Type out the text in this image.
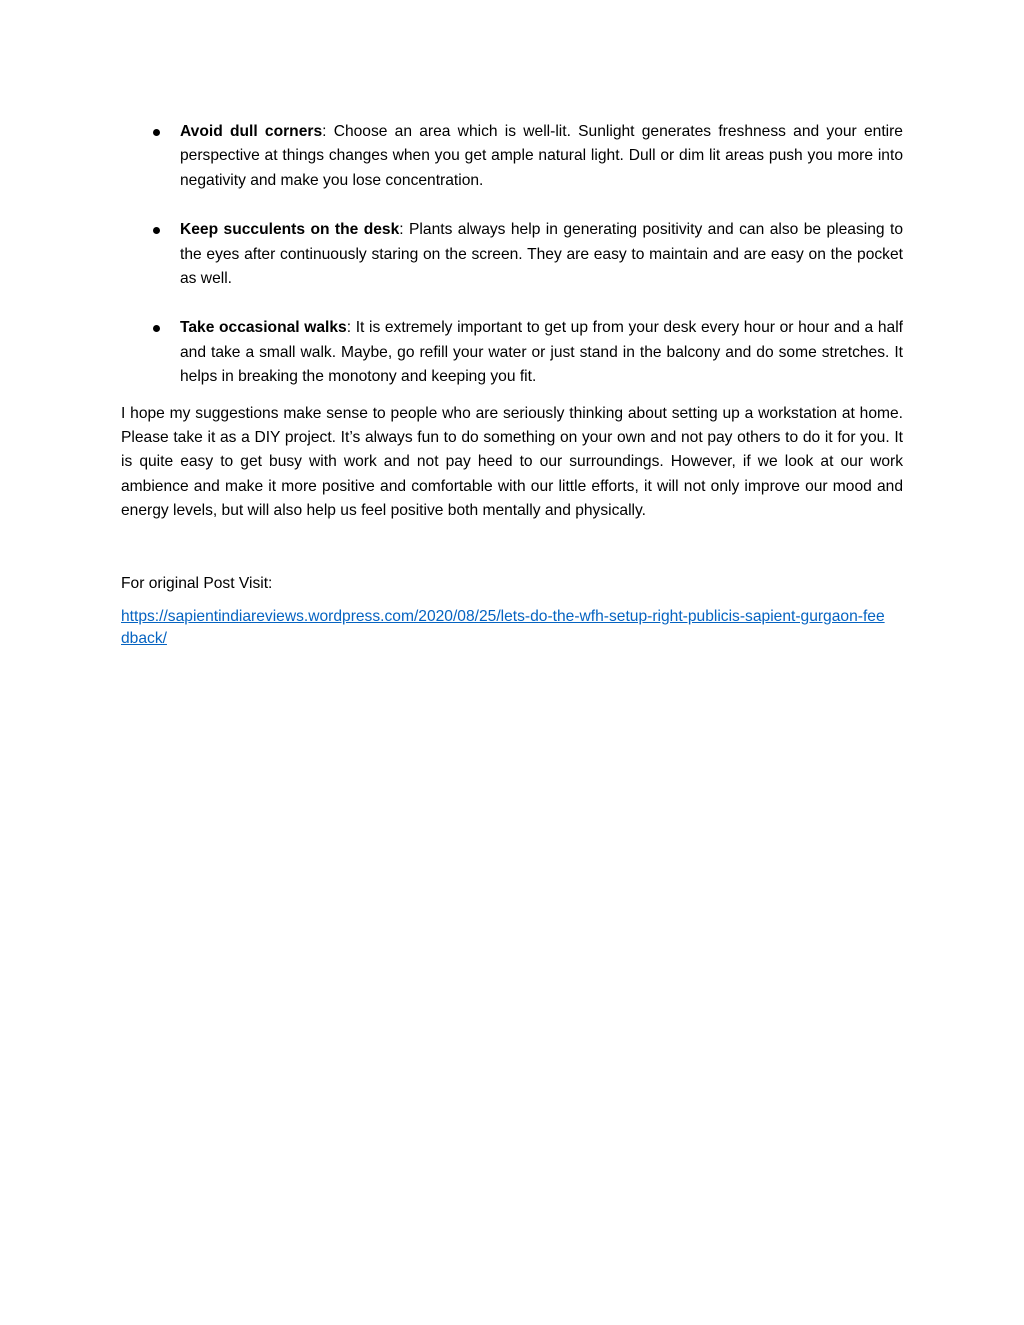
Avoid dull corners: Choose an area which is well-lit. Sunlight generates freshness and your entire perspective at things changes when you get ample natural light. Dull or dim lit areas push you more into negativity and make you lose concentration.
Keep succulents on the desk: Plants always help in generating positivity and can also be pleasing to the eyes after continuously staring on the screen. They are easy to maintain and are easy on the pocket as well.
Take occasional walks: It is extremely important to get up from your desk every hour or hour and a half and take a small walk. Maybe, go refill your water or just stand in the balcony and do some stretches. It helps in breaking the monotony and keeping you fit.

I hope my suggestions make sense to people who are seriously thinking about setting up a workstation at home. Please take it as a DIY project. It’s always fun to do something on your own and not pay others to do it for you. It is quite easy to get busy with work and not pay heed to our surroundings. However, if we look at our work ambience and make it more positive and comfortable with our little efforts, it will not only improve our mood and energy levels, but will also help us feel positive both mentally and physically.

For original Post Visit:

https://sapientindiareviews.wordpress.com/2020/08/25/lets-do-the-wfh-setup-right-publicis-sapient-gurgaon-feedback/
